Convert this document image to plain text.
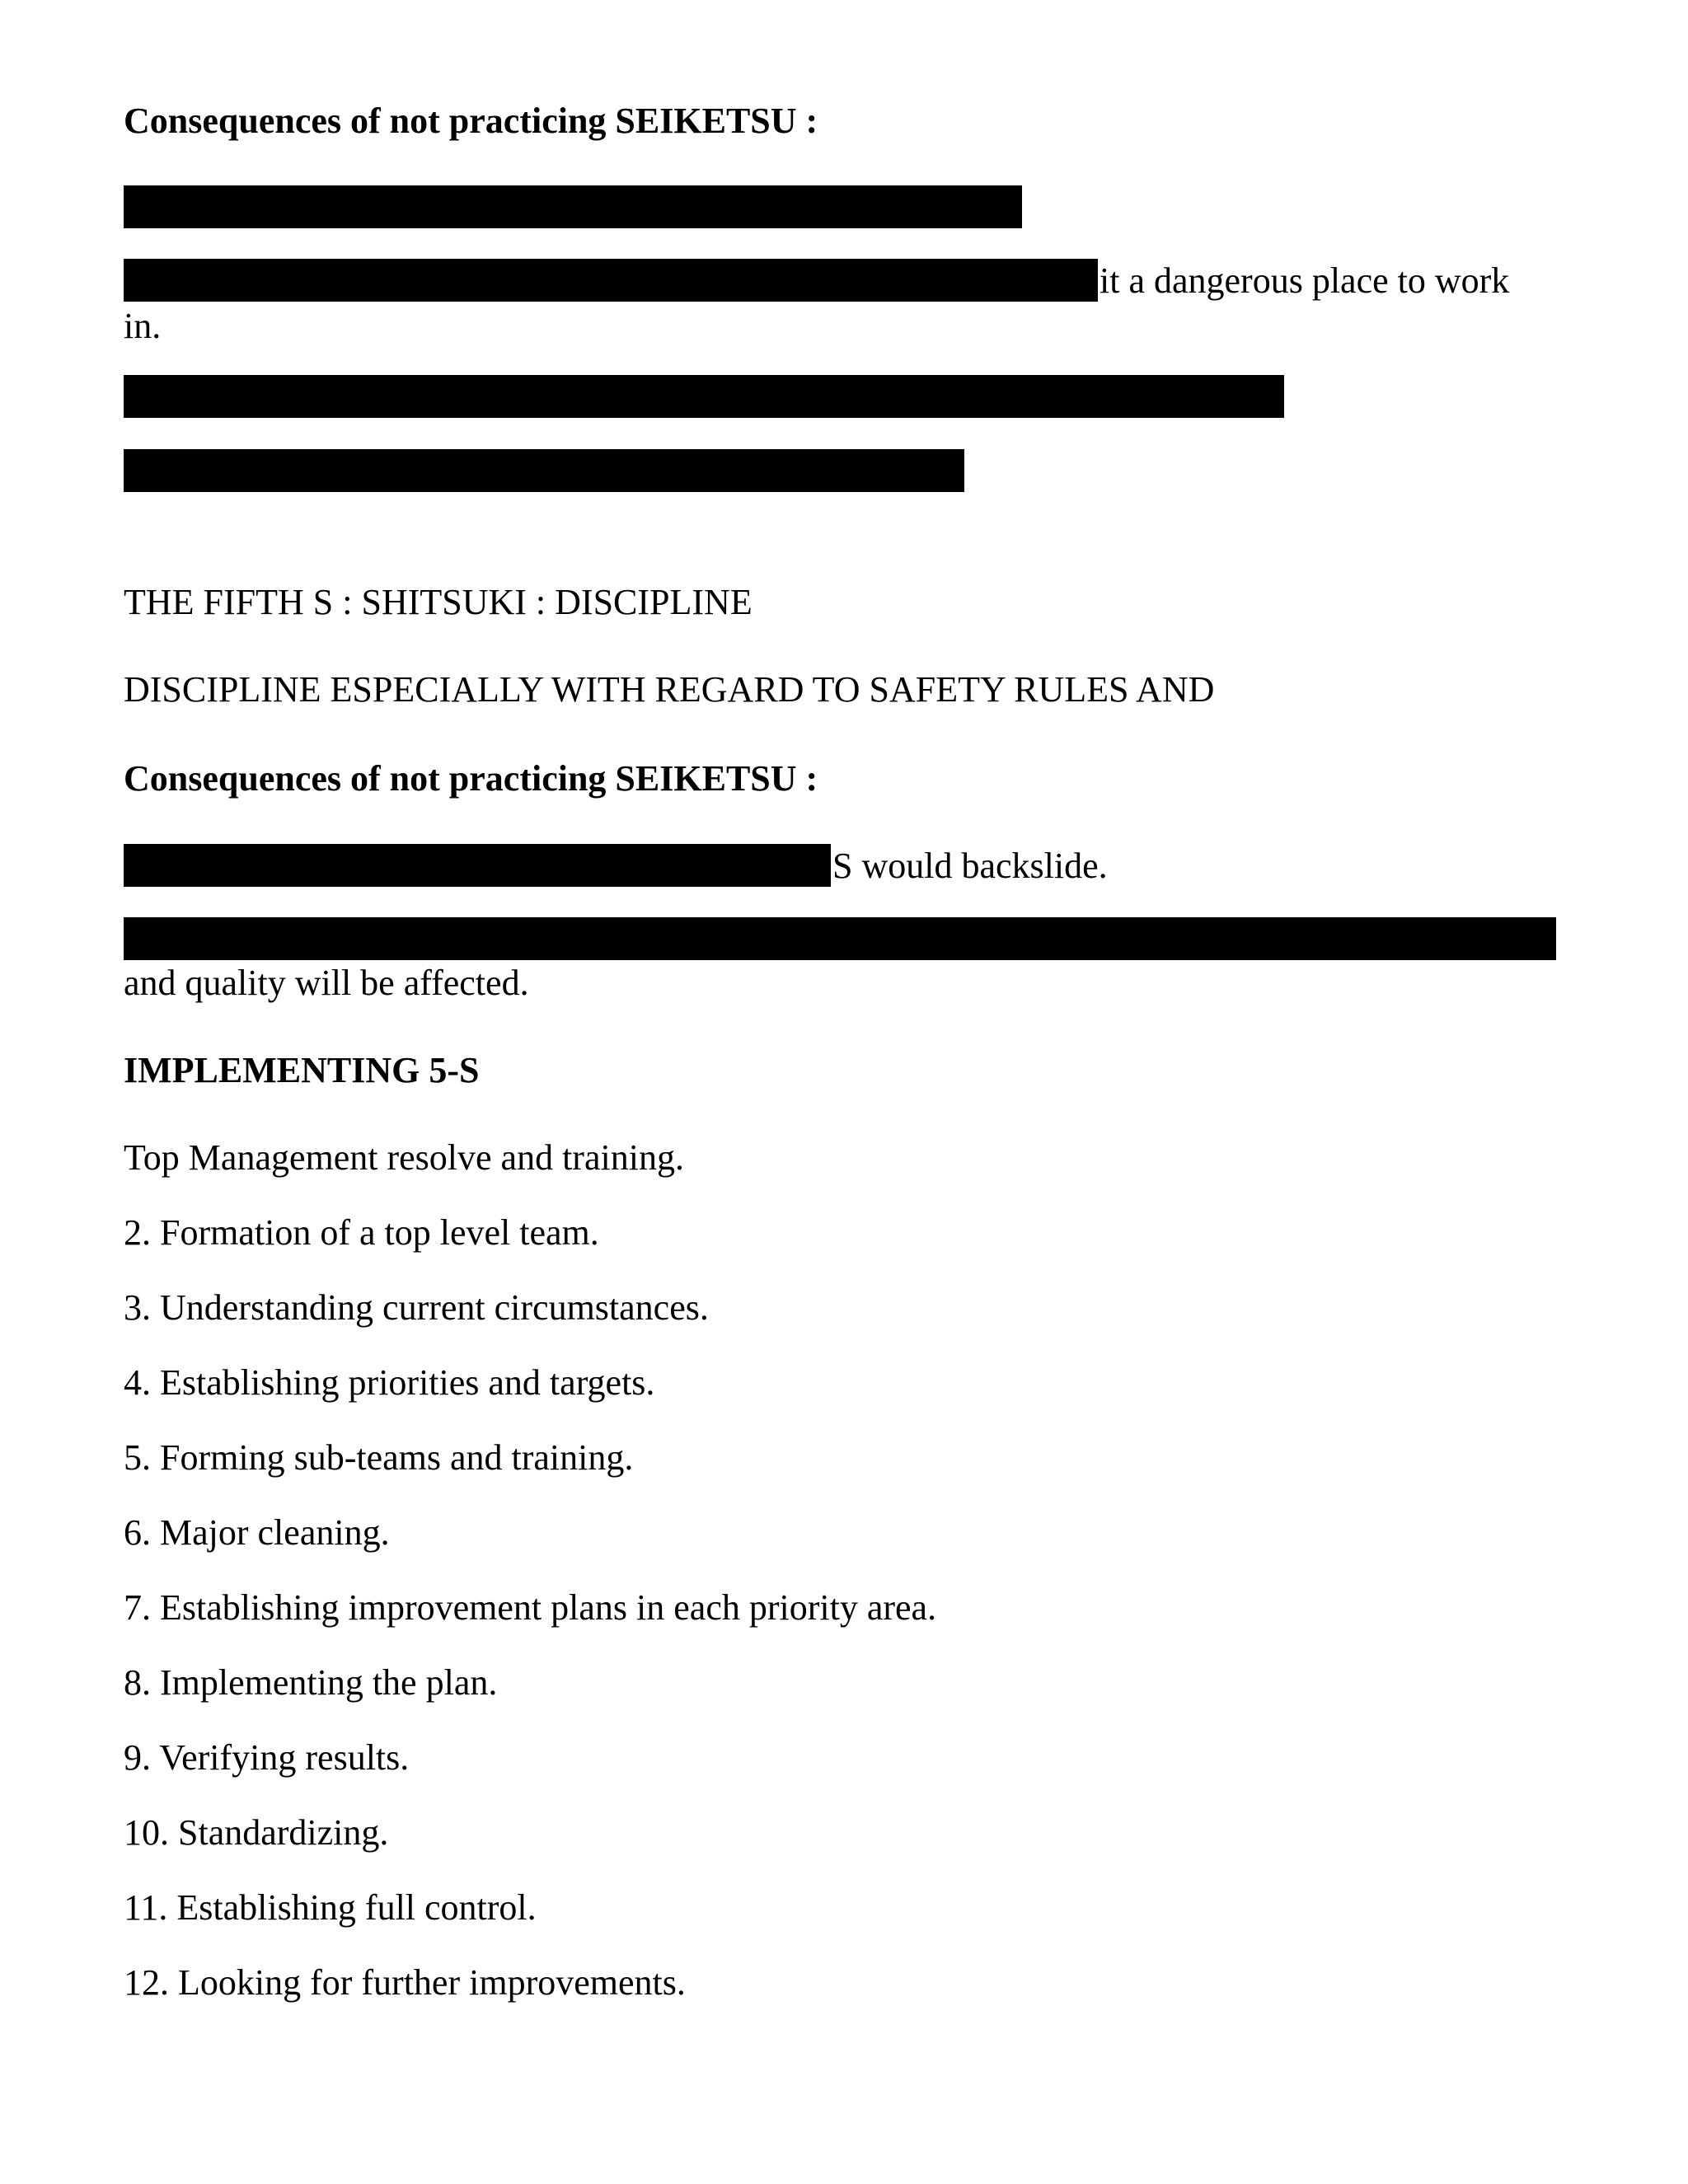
Consequences of not practicing SEIKETSU :
it a dangerous place to work
in.
THE FIFTH S : SHITSUKI : DISCIPLINE
DISCIPLINE ESPECIALLY WITH REGARD TO SAFETY RULES AND
Consequences of not practicing SEIKETSU :
S would backslide.
and quality will be affected.
IMPLEMENTING 5-S
Top Management resolve and training.
2. Formation of a top level team.
3. Understanding current circumstances.
4. Establishing priorities and targets.
5. Forming sub-teams and training.
6. Major cleaning.
7. Establishing improvement plans in each priority area.
8. Implementing the plan.
9. Verifying results.
10. Standardizing.
11. Establishing full control.
12. Looking for further improvements.
